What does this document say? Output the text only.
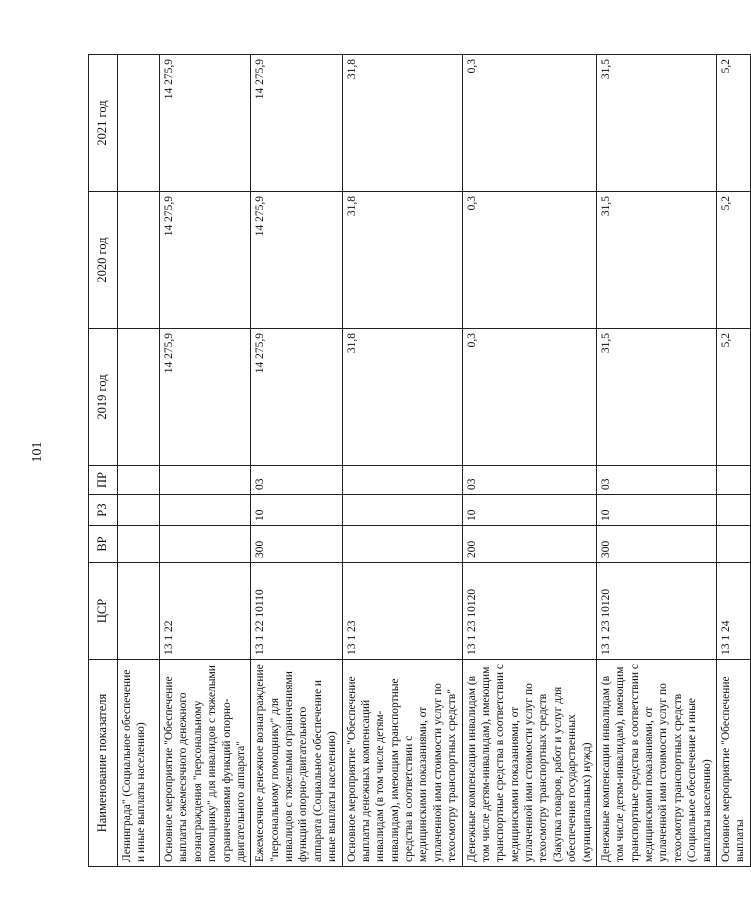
101
Наименование показателя	ЦСР	ВР	РЗ	ПР	2019 год	2020 год	2021 год
Ленинграда" (Социальное обеспечение и иные выплаты населению)							
Основное мероприятие "Обеспечение выплаты ежемесячного денежного вознаграждения "персональному помощнику" для инвалидов с тяжелыми ограничениями функций опорно-двигательного аппарата"	13 1 22				14 275,9	14 275,9	14 275,9
Ежемесячное денежное вознаграждение "персональному помощнику" для инвалидов с тяжелыми ограничениями функций опорно-двигательного аппарата (Социальное обеспечение и иные выплаты населению)	13 1 22 10110	300	10	03	14 275,9	14 275,9	14 275,9
Основное мероприятие "Обеспечение выплаты денежных компенсаций инвалидам (в том числе детям-инвалидам), имеющим транспортные средства в соответствии с медицинскими показаниями, от уплаченной ими стоимости услуг по техосмотру транспортных средств"	13 1 23				31,8	31,8	31,8
Денежные компенсации инвалидам (в том числе детям-инвалидам), имеющим транспортные средства в соответствии с медицинскими показаниями, от уплаченной ими стоимости услуг по техосмотру транспортных средств (Закупка товаров, работ и услуг для обеспечения государственных (муниципальных) нужд)	13 1 23 10120	200	10	03	0,3	0,3	0,3
Денежные компенсации инвалидам (в том числе детям-инвалидам), имеющим транспортные средства в соответствии с медицинскими показаниями, от уплаченной ими стоимости услуг по техосмотру транспортных средств (Социальное обеспечение и иные выплаты населению)	13 1 23 10120	300	10	03	31,5	31,5	31,5
Основное мероприятие "Обеспечение выплаты	13 1 24				5,2	5,2	5,2
